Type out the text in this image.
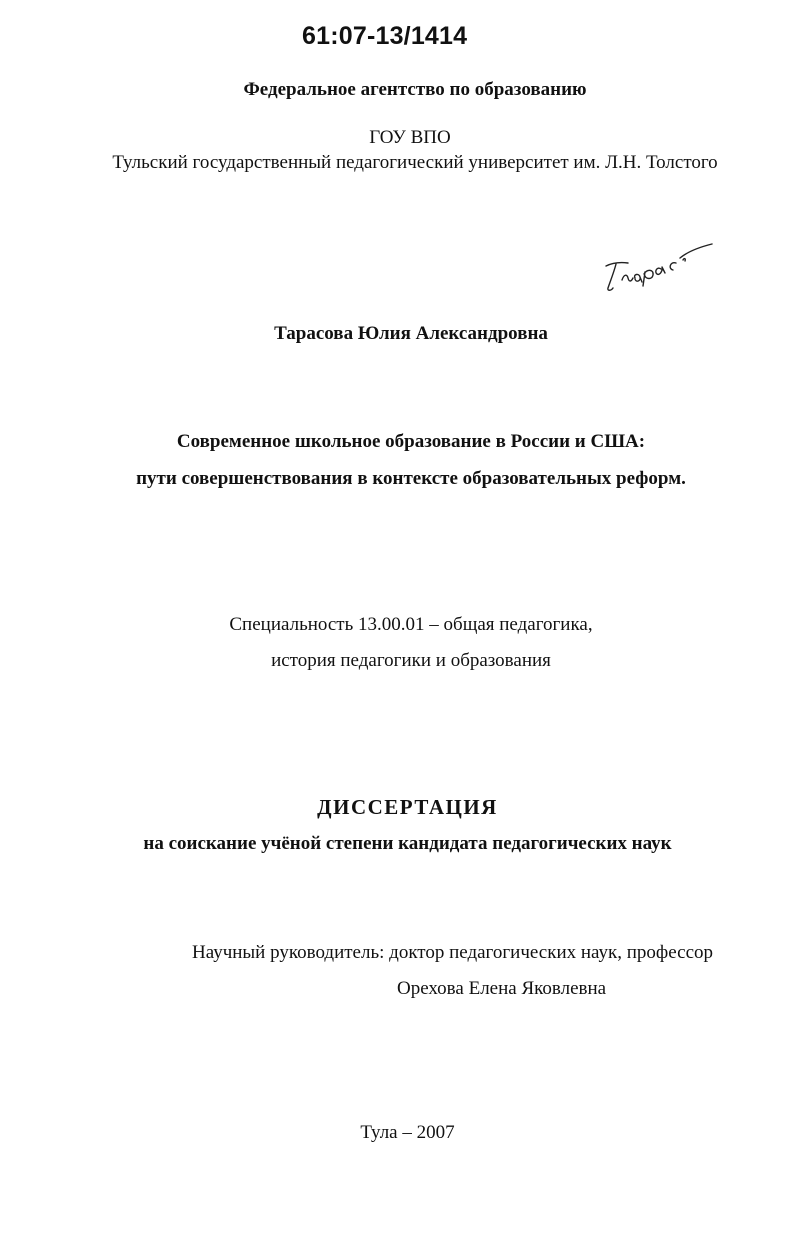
61:07-13/1414
Федеральное агентство по образованию
ГОУ ВПО
Тульский государственный педагогический университет им. Л.Н. Толстого
Тарасова Юлия Александровна
Современное школьное образование в России и США:
пути совершенствования в контексте образовательных реформ.
Специальность 13.00.01 – общая педагогика,
история педагогики и образования
ДИССЕРТАЦИЯ
на соискание учёной степени кандидата педагогических наук
Научный руководитель: доктор педагогических наук, профессор
Орехова Елена Яковлевна
Тула – 2007
